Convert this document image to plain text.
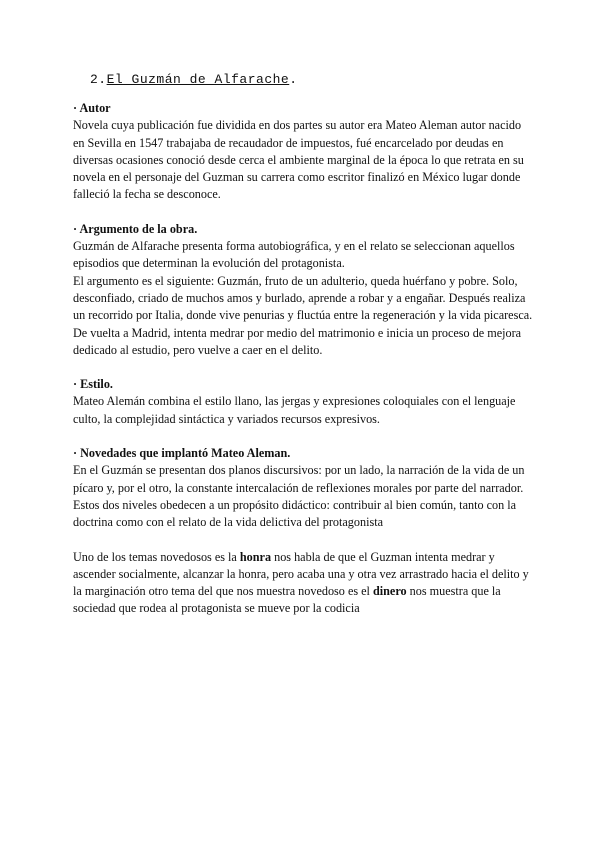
2.El Guzmán de Alfarache.

· Autor

Novela cuya publicación fue dividida en dos partes su autor era Mateo Aleman autor nacido en Sevilla en 1547 trabajaba de recaudador de impuestos, fué encarcelado por deudas en diversas ocasiones conoció desde cerca el ambiente marginal de la época lo que retrata en su novela en el personaje del Guzman su carrera como escritor finalizó en México lugar donde falleció la fecha se desconoce.

· Argumento de la obra.

Guzmán de Alfarache presenta forma autobiográfica, y en el relato se seleccionan aquellos episodios que determinan la evolución del protagonista.

El argumento es el siguiente: Guzmán, fruto de un adulterio, queda huérfano y pobre. Solo, desconfiado, criado de muchos amos y burlado, aprende a robar y a engañar. Después realiza un recorrido por Italia, donde vive penurias y fluctúa entre la regeneración y la vida picaresca. De vuelta a Madrid, intenta medrar por medio del matrimonio e inicia un proceso de mejora dedicado al estudio, pero vuelve a caer en el delito.

· Estilo.

Mateo Alemán combina el estilo llano, las jergas y expresiones coloquiales con el lenguaje culto, la complejidad sintáctica y variados recursos expresivos.

· Novedades que implantó Mateo Aleman.

En el Guzmán se presentan dos planos discursivos: por un lado, la narración de la vida de un pícaro y, por el otro, la constante intercalación de reflexiones morales por parte del narrador. Estos dos niveles obedecen a un propósito didáctico: contribuir al bien común, tanto con la doctrina como con el relato de la vida delictiva del protagonista

Uno de los temas novedosos es la honra nos habla de que el Guzman intenta medrar y ascender socialmente, alcanzar la honra, pero acaba una y otra vez arrastrado hacia el delito y la marginación otro tema del que nos muestra novedoso es el dinero nos muestra que la sociedad que rodea al protagonista se mueve por la codicia
